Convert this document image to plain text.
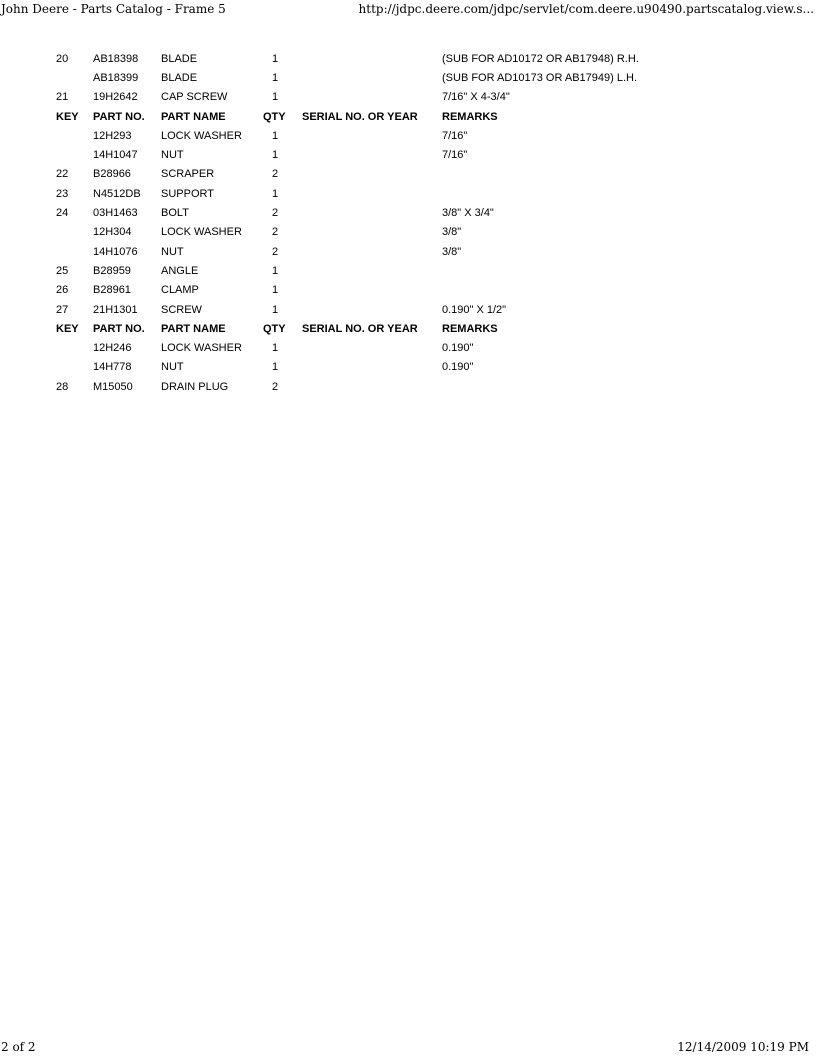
John Deere - Parts Catalog - Frame 5	http://jdpc.deere.com/jdpc/servlet/com.deere.u90490.partscatalog.view.s...
20	AB18398	BLADE	1		(SUB FOR AD10172 OR AB17948) R.H.
	AB18399	BLADE	1		(SUB FOR AD10173 OR AB17949) L.H.
21	19H2642	CAP SCREW	1		7/16" X 4-3/4"
KEY	PART NO.	PART NAME	QTY	SERIAL NO. OR YEAR	REMARKS
	12H293	LOCK WASHER	1		7/16"
	14H1047	NUT	1		7/16"
22	B28966	SCRAPER	2		
23	N4512DB	SUPPORT	1		
24	03H1463	BOLT	2		3/8" X 3/4"
	12H304	LOCK WASHER	2		3/8"
	14H1076	NUT	2		3/8"
25	B28959	ANGLE	1		
26	B28961	CLAMP	1		
27	21H1301	SCREW	1		0.190" X 1/2"
KEY	PART NO.	PART NAME	QTY	SERIAL NO. OR YEAR	REMARKS
	12H246	LOCK WASHER	1		0.190"
	14H778	NUT	1		0.190"
28	M15050	DRAIN PLUG	2		
2 of 2	12/14/2009 10:19 PM
